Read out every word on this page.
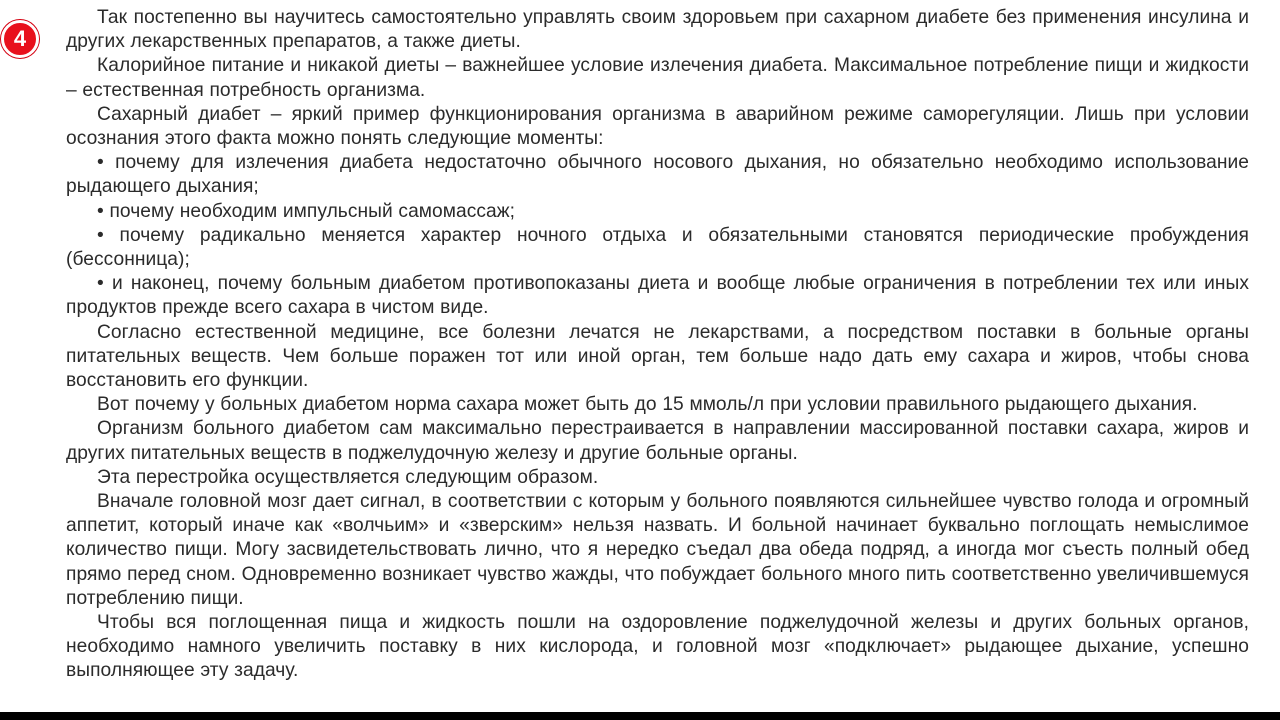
4

Так постепенно вы научитесь самостоятельно управлять своим здоровьем при сахарном диабете без применения инсулина и других лекарственных препаратов, а также диеты.

Калорийное питание и никакой диеты – важнейшее условие излечения диабета. Максимальное потребление пищи и жидкости – естественная потребность организма.

Сахарный диабет – яркий пример функционирования организма в аварийном режиме саморегуляции. Лишь при условии осознания этого факта можно понять следующие моменты:

• почему для излечения диабета недостаточно обычного носового дыхания, но обязательно необходимо использование рыдающего дыхания;

• почему необходим импульсный самомассаж;

• почему радикально меняется характер ночного отдыха и обязательными становятся периодические пробуждения (бессонница);

• и наконец, почему больным диабетом противопоказаны диета и вообще любые ограничения в потреблении тех или иных продуктов прежде всего сахара в чистом виде.

Согласно естественной медицине, все болезни лечатся не лекарствами, а посредством поставки в больные органы питательных веществ. Чем больше поражен тот или иной орган, тем больше надо дать ему сахара и жиров, чтобы снова восстановить его функции.

Вот почему у больных диабетом норма сахара может быть до 15 ммоль/л при условии правильного рыдающего дыхания.

Организм больного диабетом сам максимально перестраивается в направлении массированной поставки сахара, жиров и других питательных веществ в поджелудочную железу и другие больные органы.

Эта перестройка осуществляется следующим образом.

Вначале головной мозг дает сигнал, в соответствии с которым у больного появляются сильнейшее чувство голода и огромный аппетит, который иначе как «волчьим» и «зверским» нельзя назвать. И больной начинает буквально поглощать немыслимое количество пищи. Могу засвидетельствовать лично, что я нередко съедал два обеда подряд, а иногда мог съесть полный обед прямо перед сном. Одновременно возникает чувство жажды, что побуждает больного много пить соответственно увеличившемуся потреблению пищи.

Чтобы вся поглощенная пища и жидкость пошли на оздоровление поджелудочной железы и других больных органов, необходимо намного увеличить поставку в них кислорода, и головной мозг «подключает» рыдающее дыхание, успешно выполняющее эту задачу.
